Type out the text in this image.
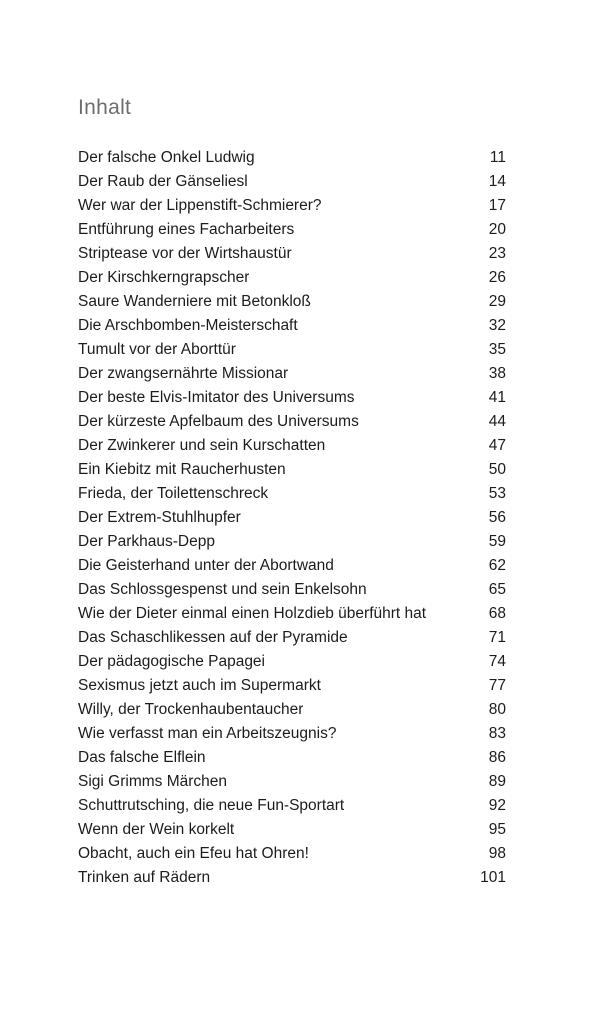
Inhalt
Der falsche Onkel Ludwig	11
Der Raub der Gänseliesl	14
Wer war der Lippenstift-Schmierer?	17
Entführung eines Facharbeiters	20
Striptease vor der Wirtshaustür	23
Der Kirschkerngrapscher	26
Saure Wanderniere mit Betonkloß	29
Die Arschbomben-Meisterschaft	32
Tumult vor der Aborttür	35
Der zwangsernährte Missionar	38
Der beste Elvis-Imitator des Universums	41
Der kürzeste Apfelbaum des Universums	44
Der Zwinkerer und sein Kurschatten	47
Ein Kiebitz mit Raucherhusten	50
Frieda, der Toilettenschreck	53
Der Extrem-Stuhlhupfer	56
Der Parkhaus-Depp	59
Die Geisterhand unter der Abortwand	62
Das Schlossgespenst und sein Enkelsohn	65
Wie der Dieter einmal einen Holzdieb überführt hat	68
Das Schaschlikessen auf der Pyramide	71
Der pädagogische Papagei	74
Sexismus jetzt auch im Supermarkt	77
Willy, der Trockenhaubentaucher	80
Wie verfasst man ein Arbeitszeugnis?	83
Das falsche Elflein	86
Sigi Grimms Märchen	89
Schuttrutsching, die neue Fun-Sportart	92
Wenn der Wein korkelt	95
Obacht, auch ein Efeu hat Ohren!	98
Trinken auf Rädern	101
